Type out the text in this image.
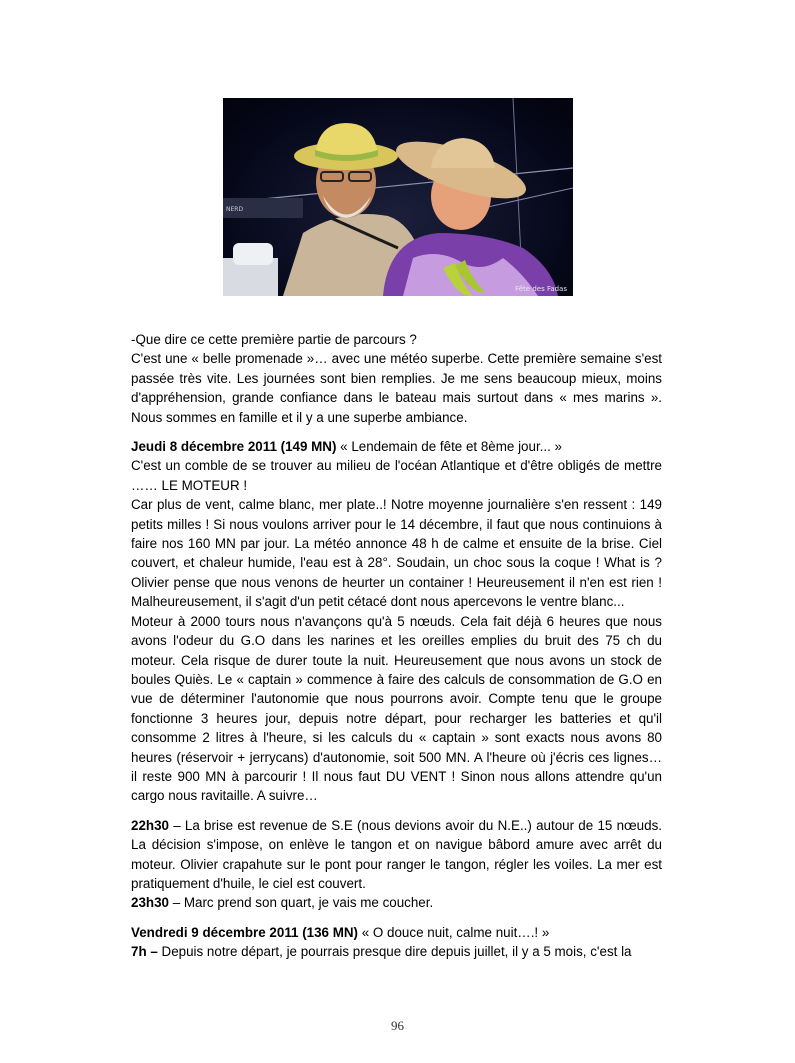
NERD
Fête des Fadas

-Que dire ce cette première partie de parcours ?

C'est une « belle promenade »… avec une météo superbe. Cette première semaine s'est passée très vite. Les journées sont bien remplies. Je me sens beaucoup mieux, moins d'appréhension, grande confiance dans le bateau mais surtout dans « mes marins ». Nous sommes en famille et il y a une superbe ambiance.

Jeudi 8 décembre 2011 (149 MN) « Lendemain de fête et 8ème jour... »

C'est un comble de se trouver au milieu de l'océan Atlantique et d'être obligés de mettre …… LE MOTEUR !

Car plus de vent, calme blanc, mer plate..! Notre moyenne journalière s'en ressent : 149 petits milles ! Si nous voulons arriver pour le 14 décembre, il faut que nous continuions à faire nos 160 MN par jour. La météo annonce 48 h de calme et ensuite de la brise. Ciel couvert, et chaleur humide, l'eau est à 28°. Soudain, un choc sous la coque ! What is ? Olivier pense que nous venons de heurter un container ! Heureusement il n'en est rien ! Malheureusement, il s'agit d'un petit cétacé dont nous apercevons le ventre blanc...

Moteur à 2000 tours nous n'avançons qu'à 5 nœuds. Cela fait déjà 6 heures que nous avons l'odeur du G.O dans les narines et les oreilles emplies du bruit des 75 ch du moteur. Cela risque de durer toute la nuit. Heureusement que nous avons un stock de boules Quiès. Le « captain » commence à faire des calculs de consommation de G.O en vue de déterminer l'autonomie que nous pourrons avoir. Compte tenu que le groupe fonctionne 3 heures jour, depuis notre départ, pour recharger les batteries et qu'il consomme 2 litres à l'heure, si les calculs du « captain » sont exacts nous avons 80 heures (réservoir + jerrycans) d'autonomie, soit 500 MN. A l'heure où j'écris ces lignes… il reste 900 MN à parcourir ! Il nous faut DU VENT ! Sinon nous allons attendre qu'un cargo nous ravitaille. A suivre…

22h30 – La brise est revenue de S.E (nous devions avoir du N.E..) autour de 15 nœuds. La décision s'impose, on enlève le tangon et on navigue bâbord amure avec arrêt du moteur. Olivier crapahute sur le pont pour ranger le tangon, régler les voiles. La mer est pratiquement d'huile, le ciel est couvert.

23h30 – Marc prend son quart, je vais me coucher.

Vendredi 9 décembre 2011 (136 MN) « O douce nuit, calme nuit….! »

7h – Depuis notre départ, je pourrais presque dire depuis juillet, il y a 5 mois, c'est la

96
